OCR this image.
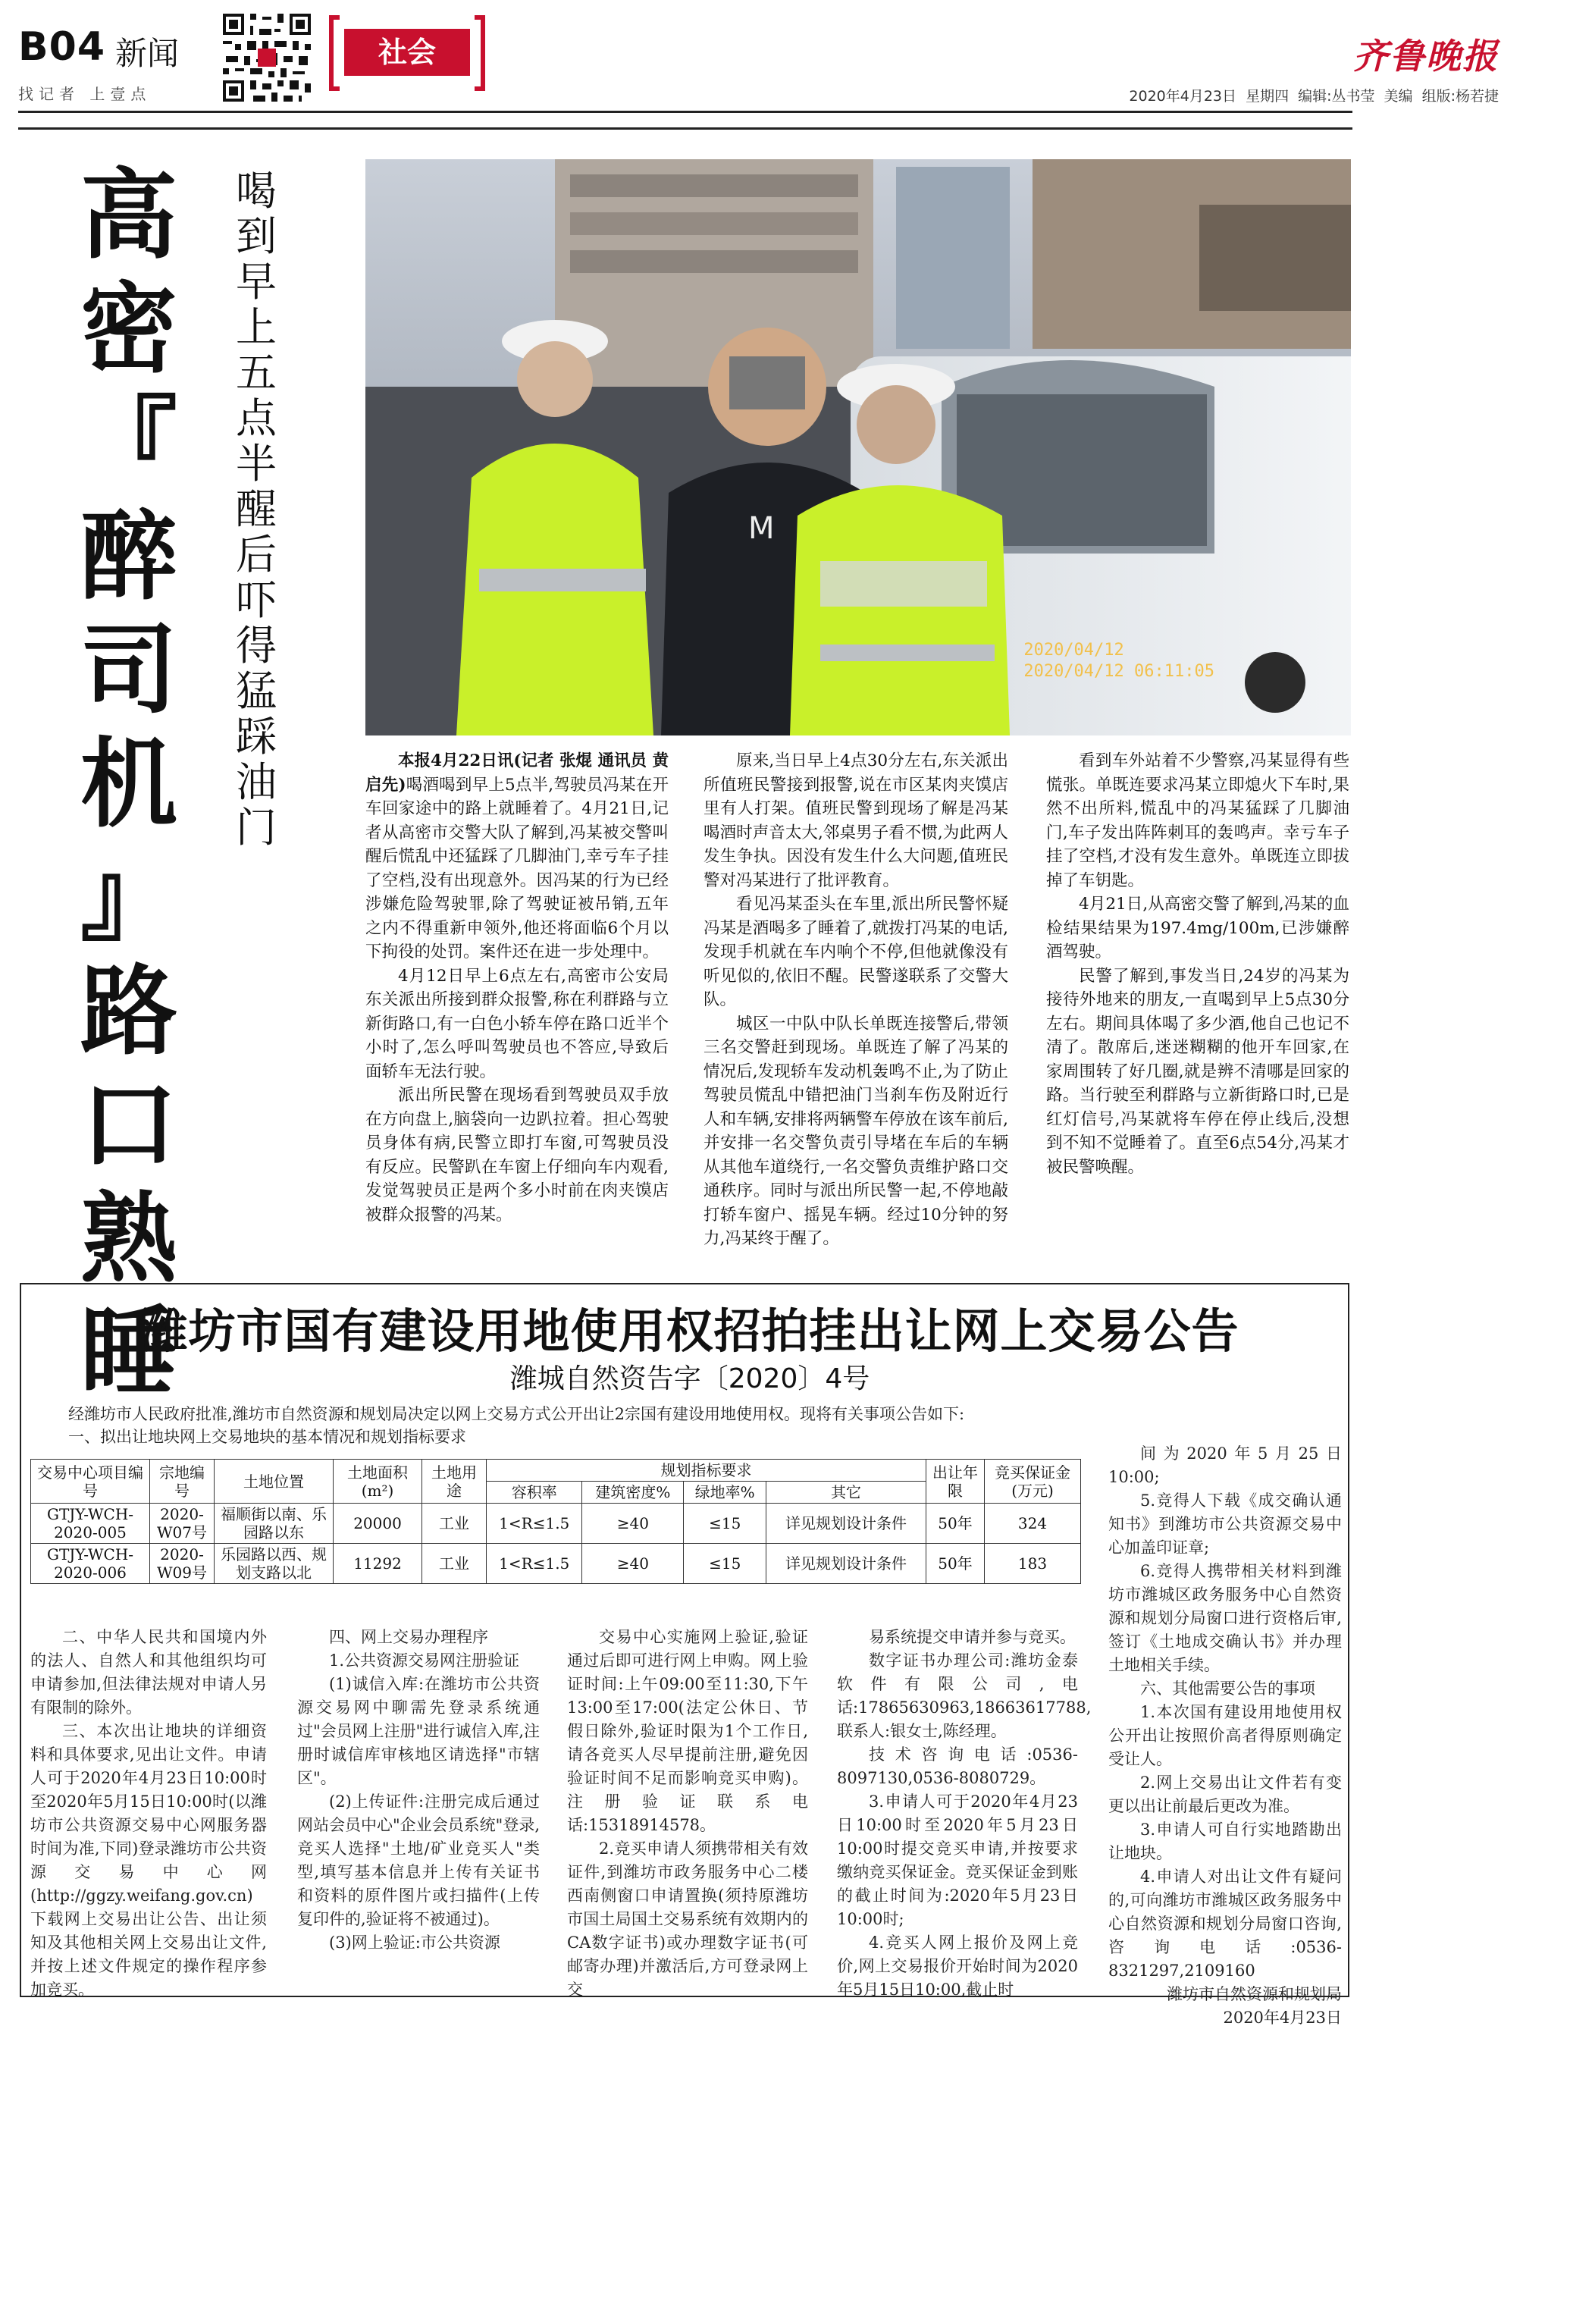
B04 新闻
找记者 上壹点
社会	齐鲁晚报
2020年4月23日 星期四 编辑:丛书莹 美编 组版:杨若捷
高
密
『
醉
司
机
』
路
口
熟
睡
喝
到
早
上
五
点
半
醒
后
吓
得
猛
踩
油
门
M
2020/04/12
2020/04/12 06:11:05

本报4月22日讯(记者 张焜 通讯员 黄启先)喝酒喝到早上5点半,驾驶员冯某在开车回家途中的路上就睡着了。4月21日,记者从高密市交警大队了解到,冯某被交警叫醒后慌乱中还猛踩了几脚油门,幸亏车子挂了空档,没有出现意外。因冯某的行为已经涉嫌危险驾驶罪,除了驾驶证被吊销,五年之内不得重新申领外,他还将面临6个月以下拘役的处罚。案件还在进一步处理中。

4月12日早上6点左右,高密市公安局东关派出所接到群众报警,称在利群路与立新街路口,有一白色小轿车停在路口近半个小时了,怎么呼叫驾驶员也不答应,导致后面轿车无法行驶。

派出所民警在现场看到驾驶员双手放在方向盘上,脑袋向一边趴拉着。担心驾驶员身体有病,民警立即打车窗,可驾驶员没有反应。民警趴在车窗上仔细向车内观看,发觉驾驶员正是两个多小时前在肉夹馍店被群众报警的冯某。

原来,当日早上4点30分左右,东关派出所值班民警接到报警,说在市区某肉夹馍店里有人打架。值班民警到现场了解是冯某喝酒时声音太大,邻桌男子看不惯,为此两人发生争执。因没有发生什么大问题,值班民警对冯某进行了批评教育。

看见冯某歪头在车里,派出所民警怀疑冯某是酒喝多了睡着了,就拨打冯某的电话,发现手机就在车内响个不停,但他就像没有听见似的,依旧不醒。民警遂联系了交警大队。

城区一中队中队长单既连接警后,带领三名交警赶到现场。单既连了解了冯某的情况后,发现轿车发动机轰鸣不止,为了防止驾驶员慌乱中错把油门当刹车伤及附近行人和车辆,安排将两辆警车停放在该车前后,并安排一名交警负责引导堵在车后的车辆从其他车道绕行,一名交警负责维护路口交通秩序。同时与派出所民警一起,不停地敲打轿车窗户、摇晃车辆。经过10分钟的努力,冯某终于醒了。

看到车外站着不少警察,冯某显得有些慌张。单既连要求冯某立即熄火下车时,果然不出所料,慌乱中的冯某猛踩了几脚油门,车子发出阵阵刺耳的轰鸣声。幸亏车子挂了空档,才没有发生意外。单既连立即拔掉了车钥匙。

4月21日,从高密交警了解到,冯某的血检结果结果为197.4mg/100m,已涉嫌醉酒驾驶。

民警了解到,事发当日,24岁的冯某为接待外地来的朋友,一直喝到早上5点30分左右。期间具体喝了多少酒,他自己也记不清了。散席后,迷迷糊糊的他开车回家,在家周围转了好几圈,就是辨不清哪是回家的路。当行驶至利群路与立新街路口时,已是红灯信号,冯某就将车停在停止线后,没想到不知不觉睡着了。直至6点54分,冯某才被民警唤醒。

潍坊市国有建设用地使用权招拍挂出让网上交易公告
潍城自然资告字〔2020〕4号
经潍坊市人民政府批准,潍坊市自然资源和规划局决定以网上交易方式公开出让2宗国有建设用地使用权。现将有关事项公告如下:
一、拟出让地块网上交易地块的基本情况和规划指标要求
交易中心项目编号	宗地编号	土地位置	土地面积(m²)	土地用途	规划指标要求				出让年限	竞买保证金(万元)
					容积率	建筑密度%	绿地率%	其它		
GTJY-WCH-2020-005	2020-W07号	福顺街以南、乐园路以东	20000	工业	1<R≤1.5	≥40	≤15	详见规划设计条件	50年	324
GTJY-WCH-2020-006	2020-W09号	乐园路以西、规划支路以北	11292	工业	1<R≤1.5	≥40	≤15	详见规划设计条件	50年	183

二、中华人民共和国境内外的法人、自然人和其他组织均可申请参加,但法律法规对申请人另有限制的除外。

三、本次出让地块的详细资料和具体要求,见出让文件。申请人可于2020年4月23日10:00时至2020年5月15日10:00时(以潍坊市公共资源交易中心网服务器时间为准,下同)登录潍坊市公共资源交易中心网(http://ggzy.weifang.gov.cn)下载网上交易出让公告、出让须知及其他相关网上交易出让文件,并按上述文件规定的操作程序参加竞买。

四、网上交易办理程序

1.公共资源交易网注册验证

(1)诚信入库:在潍坊市公共资源交易网中聊需先登录系统通过"会员网上注册"进行诚信入库,注册时诚信库审核地区请选择"市辖区"。

(2)上传证件:注册完成后通过网站会员中心"企业会员系统"登录,竞买人选择"土地/矿业竞买人"类型,填写基本信息并上传有关证书和资料的原件图片或扫描件(上传复印件的,验证将不被通过)。

(3)网上验证:市公共资源

交易中心实施网上验证,验证通过后即可进行网上申购。网上验证时间:上午09:00至11:30,下午13:00至17:00(法定公休日、节假日除外,验证时限为1个工作日,请各竞买人尽早提前注册,避免因验证时间不足而影响竞买申购)。注册验证联系电话:15318914578。

2.竞买申请人须携带相关有效证件,到潍坊市政务服务中心二楼西南侧窗口申请置换(须持原潍坊市国土局国土交易系统有效期内的CA数字证书)或办理数字证书(可邮寄办理)并激活后,方可登录网上交

易系统提交申请并参与竞买。

数字证书办理公司:潍坊金泰软件有限公司,电话:17865630963,18663617788,联系人:银女士,陈经理。

技术咨询电话:0536-8097130,0536-8080729。

3.申请人可于2020年4月23日10:00时至2020年5月23日10:00时提交竞买申请,并按要求缴纳竞买保证金。竞买保证金到账的截止时间为:2020年5月23日10:00时;

4.竞买人网上报价及网上竞价,网上交易报价开始时间为2020年5月15日10:00,截止时

间为2020年5月25日10:00;

5.竞得人下载《成交确认通知书》到潍坊市公共资源交易中心加盖印证章;

6.竞得人携带相关材料到潍坊市潍城区政务服务中心自然资源和规划分局窗口进行资格后审,签订《土地成交确认书》并办理土地相关手续。

六、其他需要公告的事项

1.本次国有建设用地使用权公开出让按照价高者得原则确定受让人。

2.网上交易出让文件若有变更以出让前最后更改为准。

3.申请人可自行实地踏勘出让地块。

4.申请人对出让文件有疑问的,可向潍坊市潍城区政务服务中心自然资源和规划分局窗口咨询,咨询电话:0536-8321297,2109160

潍坊市自然资源和规划局

2020年4月23日
